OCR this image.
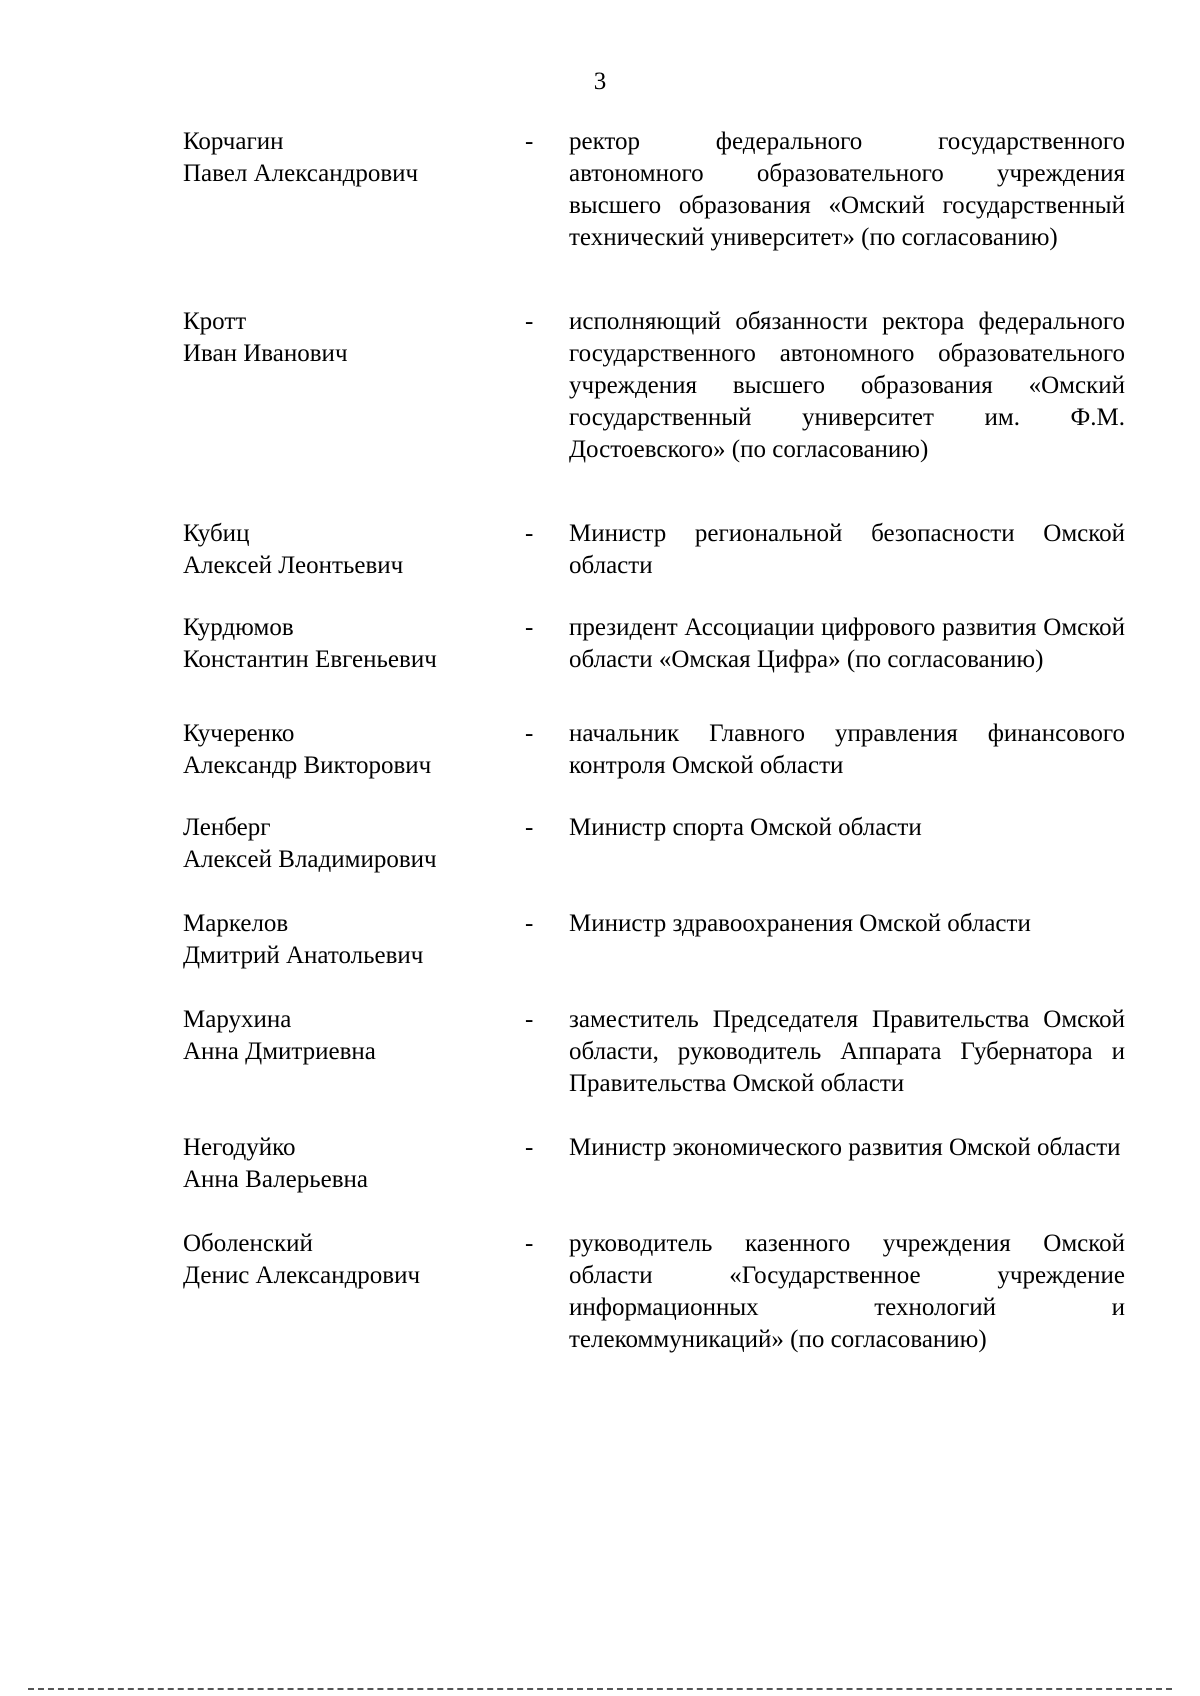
3
Корчагин
Павел Александрович
-	ректор федерального государственного автономного образовательного учреждения высшего образования «Омский государственный технический университет» (по согласованию)
Кротт
Иван Иванович
-	исполняющий обязанности ректора федерального государственного автономного образовательного учреждения высшего образования «Омский государственный университет им. Ф.М. Достоевского» (по согласованию)
Кубиц
Алексей Леонтьевич
-	Министр региональной безопасности Омской области
Курдюмов
Константин Евгеньевич
-	президент Ассоциации цифрового развития Омской области «Омская Цифра» (по согласованию)
Кучеренко
Александр Викторович
-	начальник Главного управления финансового контроля Омской области
Ленберг
Алексей Владимирович
-	Министр спорта Омской области
Маркелов
Дмитрий Анатольевич
-	Министр здравоохранения Омской области
Марухина
Анна Дмитриевна
-	заместитель Председателя Правительства Омской области, руководитель Аппарата Губернатора и Правительства Омской области
Негодуйко
Анна Валерьевна
-	Министр экономического развития Омской области
Оболенский
Денис Александрович
-	руководитель казенного учреждения Омской области «Государственное учреждение информационных технологий и телекоммуникаций» (по согласованию)
